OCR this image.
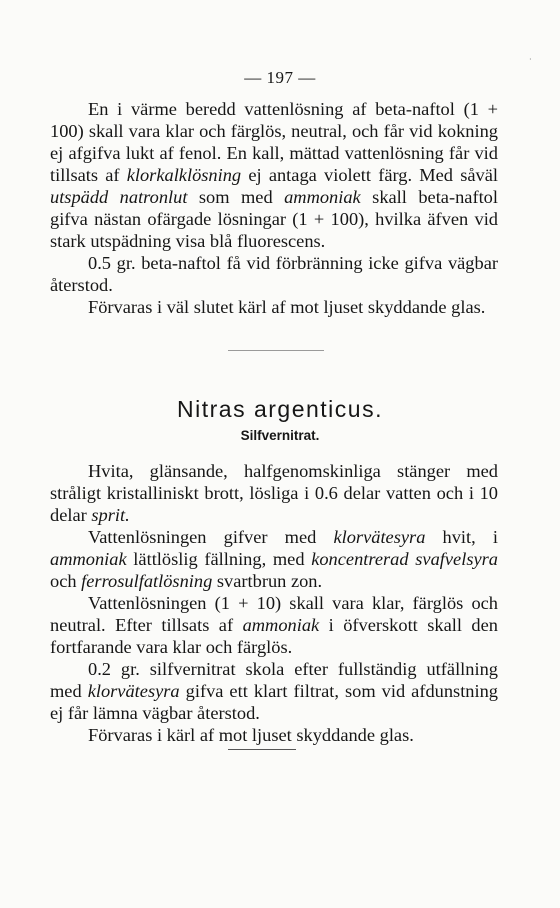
— 197 —
·

En i värme beredd vattenlösning af beta-naftol (1 + 100) skall vara klar och färglös, neutral, och får vid kokning ej afgifva lukt af fenol. En kall, mättad vattenlösning får vid tillsats af klorkalklösning ej antaga violett färg. Med såväl utspädd natronlut som med ammoniak skall beta-naftol gifva nästan ofärgade lösningar (1 + 100), hvilka äfven vid stark utspädning visa blå fluorescens.

0.5 gr. beta-naftol få vid förbränning icke gifva vägbar återstod.

Förvaras i väl slutet kärl af mot ljuset skyddande glas.

Nitras argenticus.
Silfvernitrat.

Hvita, glänsande, halfgenomskinliga stänger med stråligt kristalliniskt brott, lösliga i 0.6 delar vatten och i 10 delar sprit.

Vattenlösningen gifver med klorvätesyra hvit, i ammoniak lättlöslig fällning, med koncentrerad svafvelsyra och ferrosulfatlösning svartbrun zon.

Vattenlösningen (1 + 10) skall vara klar, färglös och neutral. Efter tillsats af ammoniak i öfverskott skall den fortfarande vara klar och färglös.

0.2 gr. silfvernitrat skola efter fullständig utfällning med klorvätesyra gifva ett klart filtrat, som vid afdunstning ej får lämna vägbar återstod.

Förvaras i kärl af mot ljuset skyddande glas.
